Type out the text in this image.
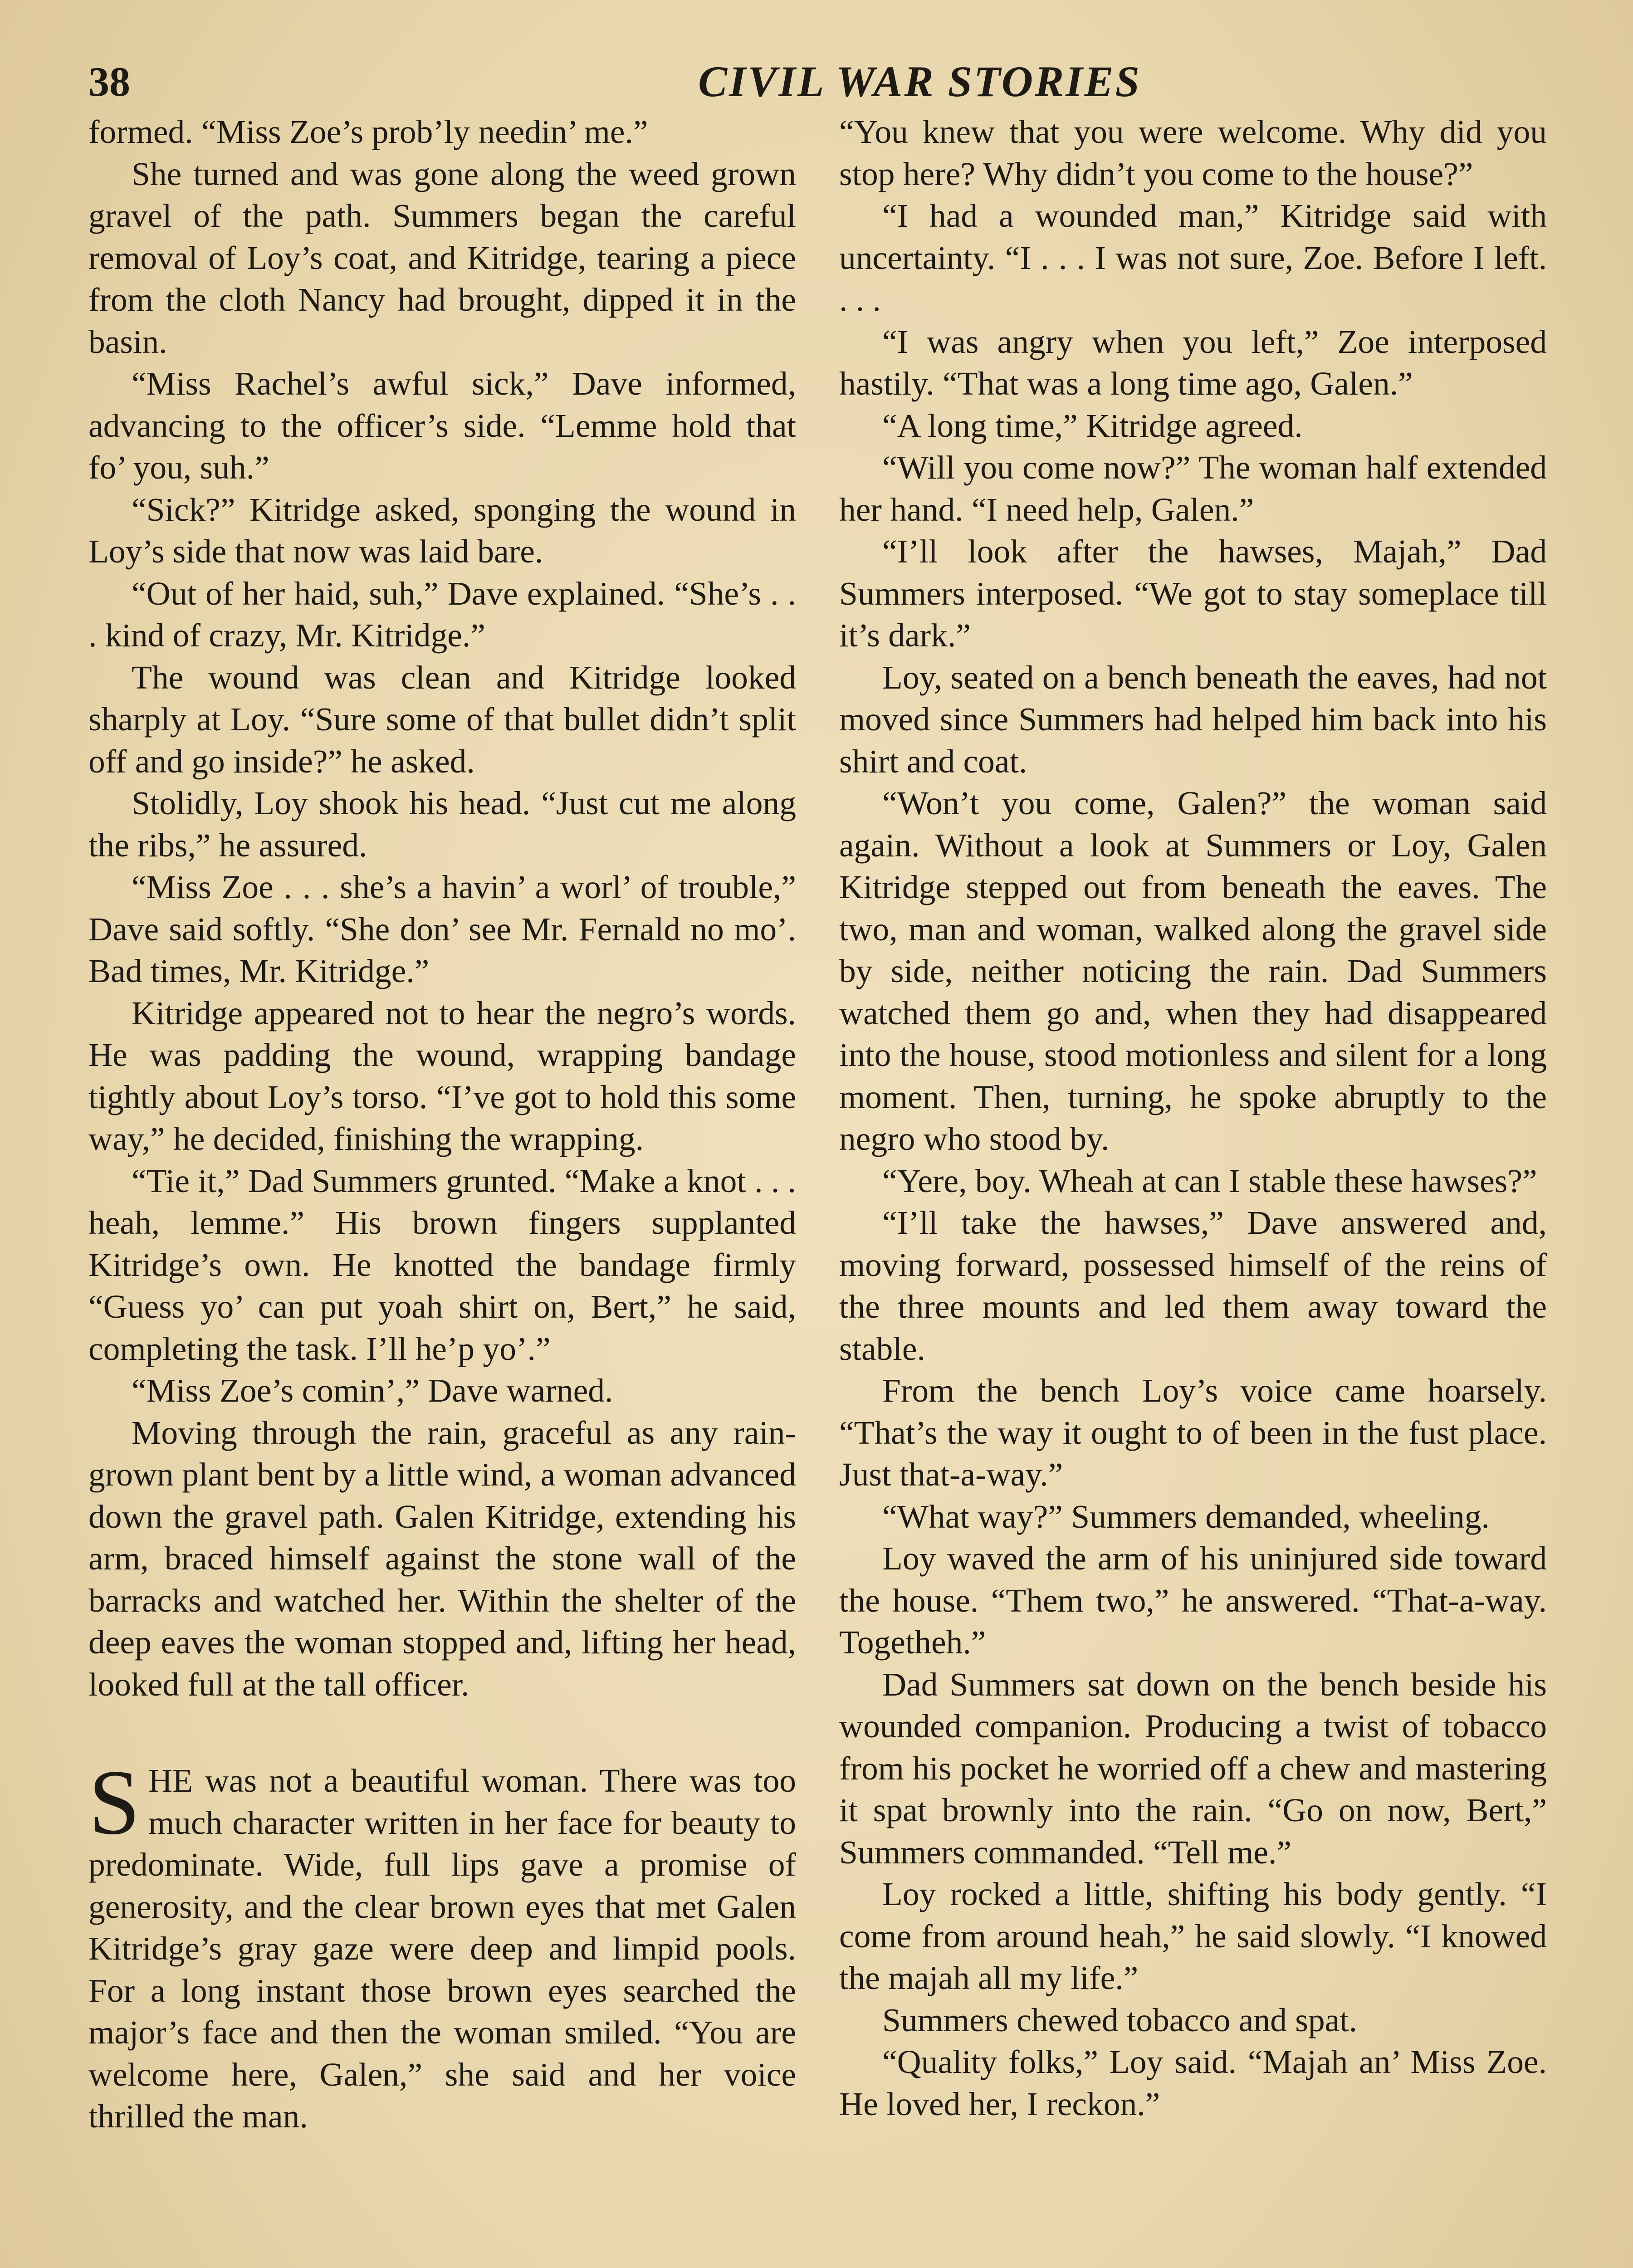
38	CIVIL WAR STORIES

formed. “Miss Zoe’s prob’ly needin’ me.”

She turned and was gone along the weed grown gravel of the path. Summers began the careful removal of Loy’s coat, and Kitridge, tearing a piece from the cloth Nancy had brought, dipped it in the basin.

“Miss Rachel’s awful sick,” Dave informed, advancing to the officer’s side. “Lemme hold that fo’ you, suh.”

“Sick?” Kitridge asked, sponging the wound in Loy’s side that now was laid bare.

“Out of her haid, suh,” Dave explained. “She’s . . . kind of crazy, Mr. Kitridge.”

The wound was clean and Kitridge looked sharply at Loy. “Sure some of that bullet didn’t split off and go inside?” he asked.

Stolidly, Loy shook his head. “Just cut me along the ribs,” he assured.

“Miss Zoe . . . she’s a havin’ a worl’ of trouble,” Dave said softly. “She don’ see Mr. Fernald no mo’. Bad times, Mr. Kitridge.”

Kitridge appeared not to hear the negro’s words. He was padding the wound, wrapping bandage tightly about Loy’s torso. “I’ve got to hold this some way,” he decided, finishing the wrapping.

“Tie it,” Dad Summers grunted. “Make a knot . . . heah, lemme.” His brown fingers supplanted Kitridge’s own. He knotted the bandage firmly “Guess yo’ can put yoah shirt on, Bert,” he said, completing the task. I’ll he’p yo’.”

“Miss Zoe’s comin’,” Dave warned.

Moving through the rain, graceful as any rain-grown plant bent by a little wind, a woman advanced down the gravel path. Galen Kitridge, extending his arm, braced himself against the stone wall of the barracks and watched her. Within the shelter of the deep eaves the woman stopped and, lifting her head, looked full at the tall officer.

SHE was not a beautiful woman. There was too much character written in her face for beauty to predominate. Wide, full lips gave a promise of generosity, and the clear brown eyes that met Galen Kitridge’s gray gaze were deep and limpid pools. For a long instant those brown eyes searched the major’s face and then the woman smiled. “You are welcome here, Galen,” she said and her voice thrilled the man.

“You knew that you were welcome. Why did you stop here? Why didn’t you come to the house?”

“I had a wounded man,” Kitridge said with uncertainty. “I . . . I was not sure, Zoe. Before I left. . . .

“I was angry when you left,” Zoe interposed hastily. “That was a long time ago, Galen.”

“A long time,” Kitridge agreed.

“Will you come now?” The woman half extended her hand. “I need help, Galen.”

“I’ll look after the hawses, Majah,” Dad Summers interposed. “We got to stay someplace till it’s dark.”

Loy, seated on a bench beneath the eaves, had not moved since Summers had helped him back into his shirt and coat.

“Won’t you come, Galen?” the woman said again. Without a look at Summers or Loy, Galen Kitridge stepped out from beneath the eaves. The two, man and woman, walked along the gravel side by side, neither noticing the rain. Dad Summers watched them go and, when they had disappeared into the house, stood motionless and silent for a long moment. Then, turning, he spoke abruptly to the negro who stood by.

“Yere, boy. Wheah at can I stable these hawses?”

“I’ll take the hawses,” Dave answered and, moving forward, possessed himself of the reins of the three mounts and led them away toward the stable.

From the bench Loy’s voice came hoarsely. “That’s the way it ought to of been in the fust place. Just that-a-way.”

“What way?” Summers demanded, wheeling.

Loy waved the arm of his uninjured side toward the house. “Them two,” he answered. “That-a-way. Togetheh.”

Dad Summers sat down on the bench beside his wounded companion. Producing a twist of tobacco from his pocket he worried off a chew and mastering it spat brownly into the rain. “Go on now, Bert,” Summers commanded. “Tell me.”

Loy rocked a little, shifting his body gently. “I come from around heah,” he said slowly. “I knowed the majah all my life.”

Summers chewed tobacco and spat.

“Quality folks,” Loy said. “Majah an’ Miss Zoe. He loved her, I reckon.”
